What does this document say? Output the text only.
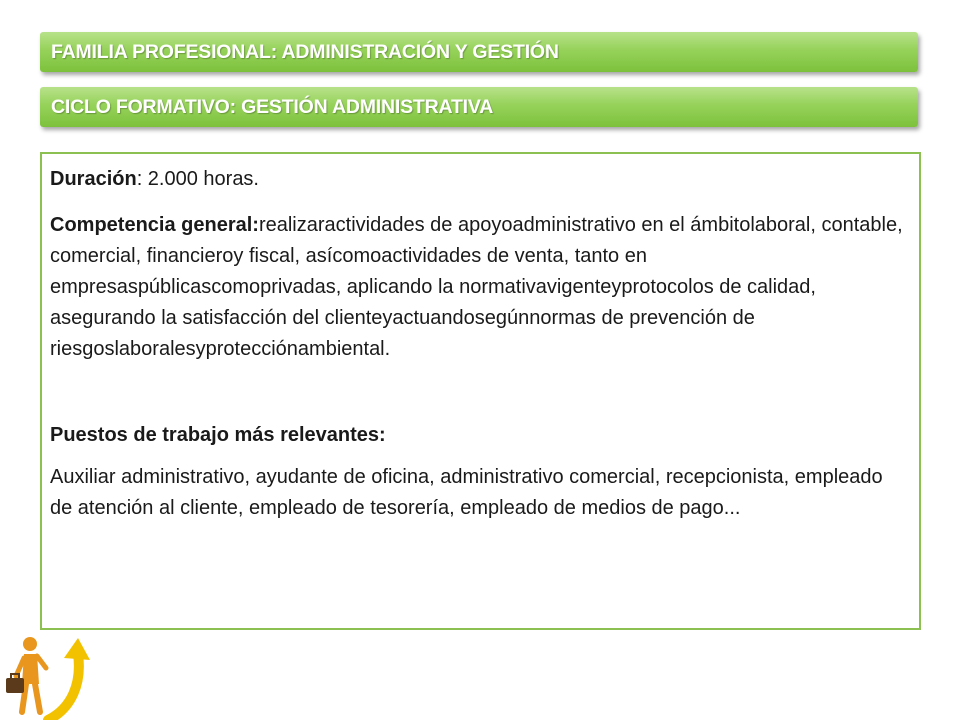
FAMILIA PROFESIONAL: ADMINISTRACIÓN Y GESTIÓN
CICLO FORMATIVO: GESTIÓN ADMINISTRATIVA

Duración: 2.000 horas.

Competencia general:realizaractividades de apoyoadministrativo en el ámbitolaboral, contable, comercial, financieroy fiscal, asícomoactividades de venta, tanto en empresaspúblicascomoprivadas, aplicando la normativavigenteyprotocolos de calidad, asegurando la satisfacción del clienteyactuandosegúnnormas de prevención de riesgoslaboralesyprotecciónambiental.

Puestos de trabajo más relevantes:

Auxiliar administrativo, ayudante de oficina, administrativo comercial, recepcionista, empleado de atención al cliente, empleado de tesorería, empleado de medios de pago...
